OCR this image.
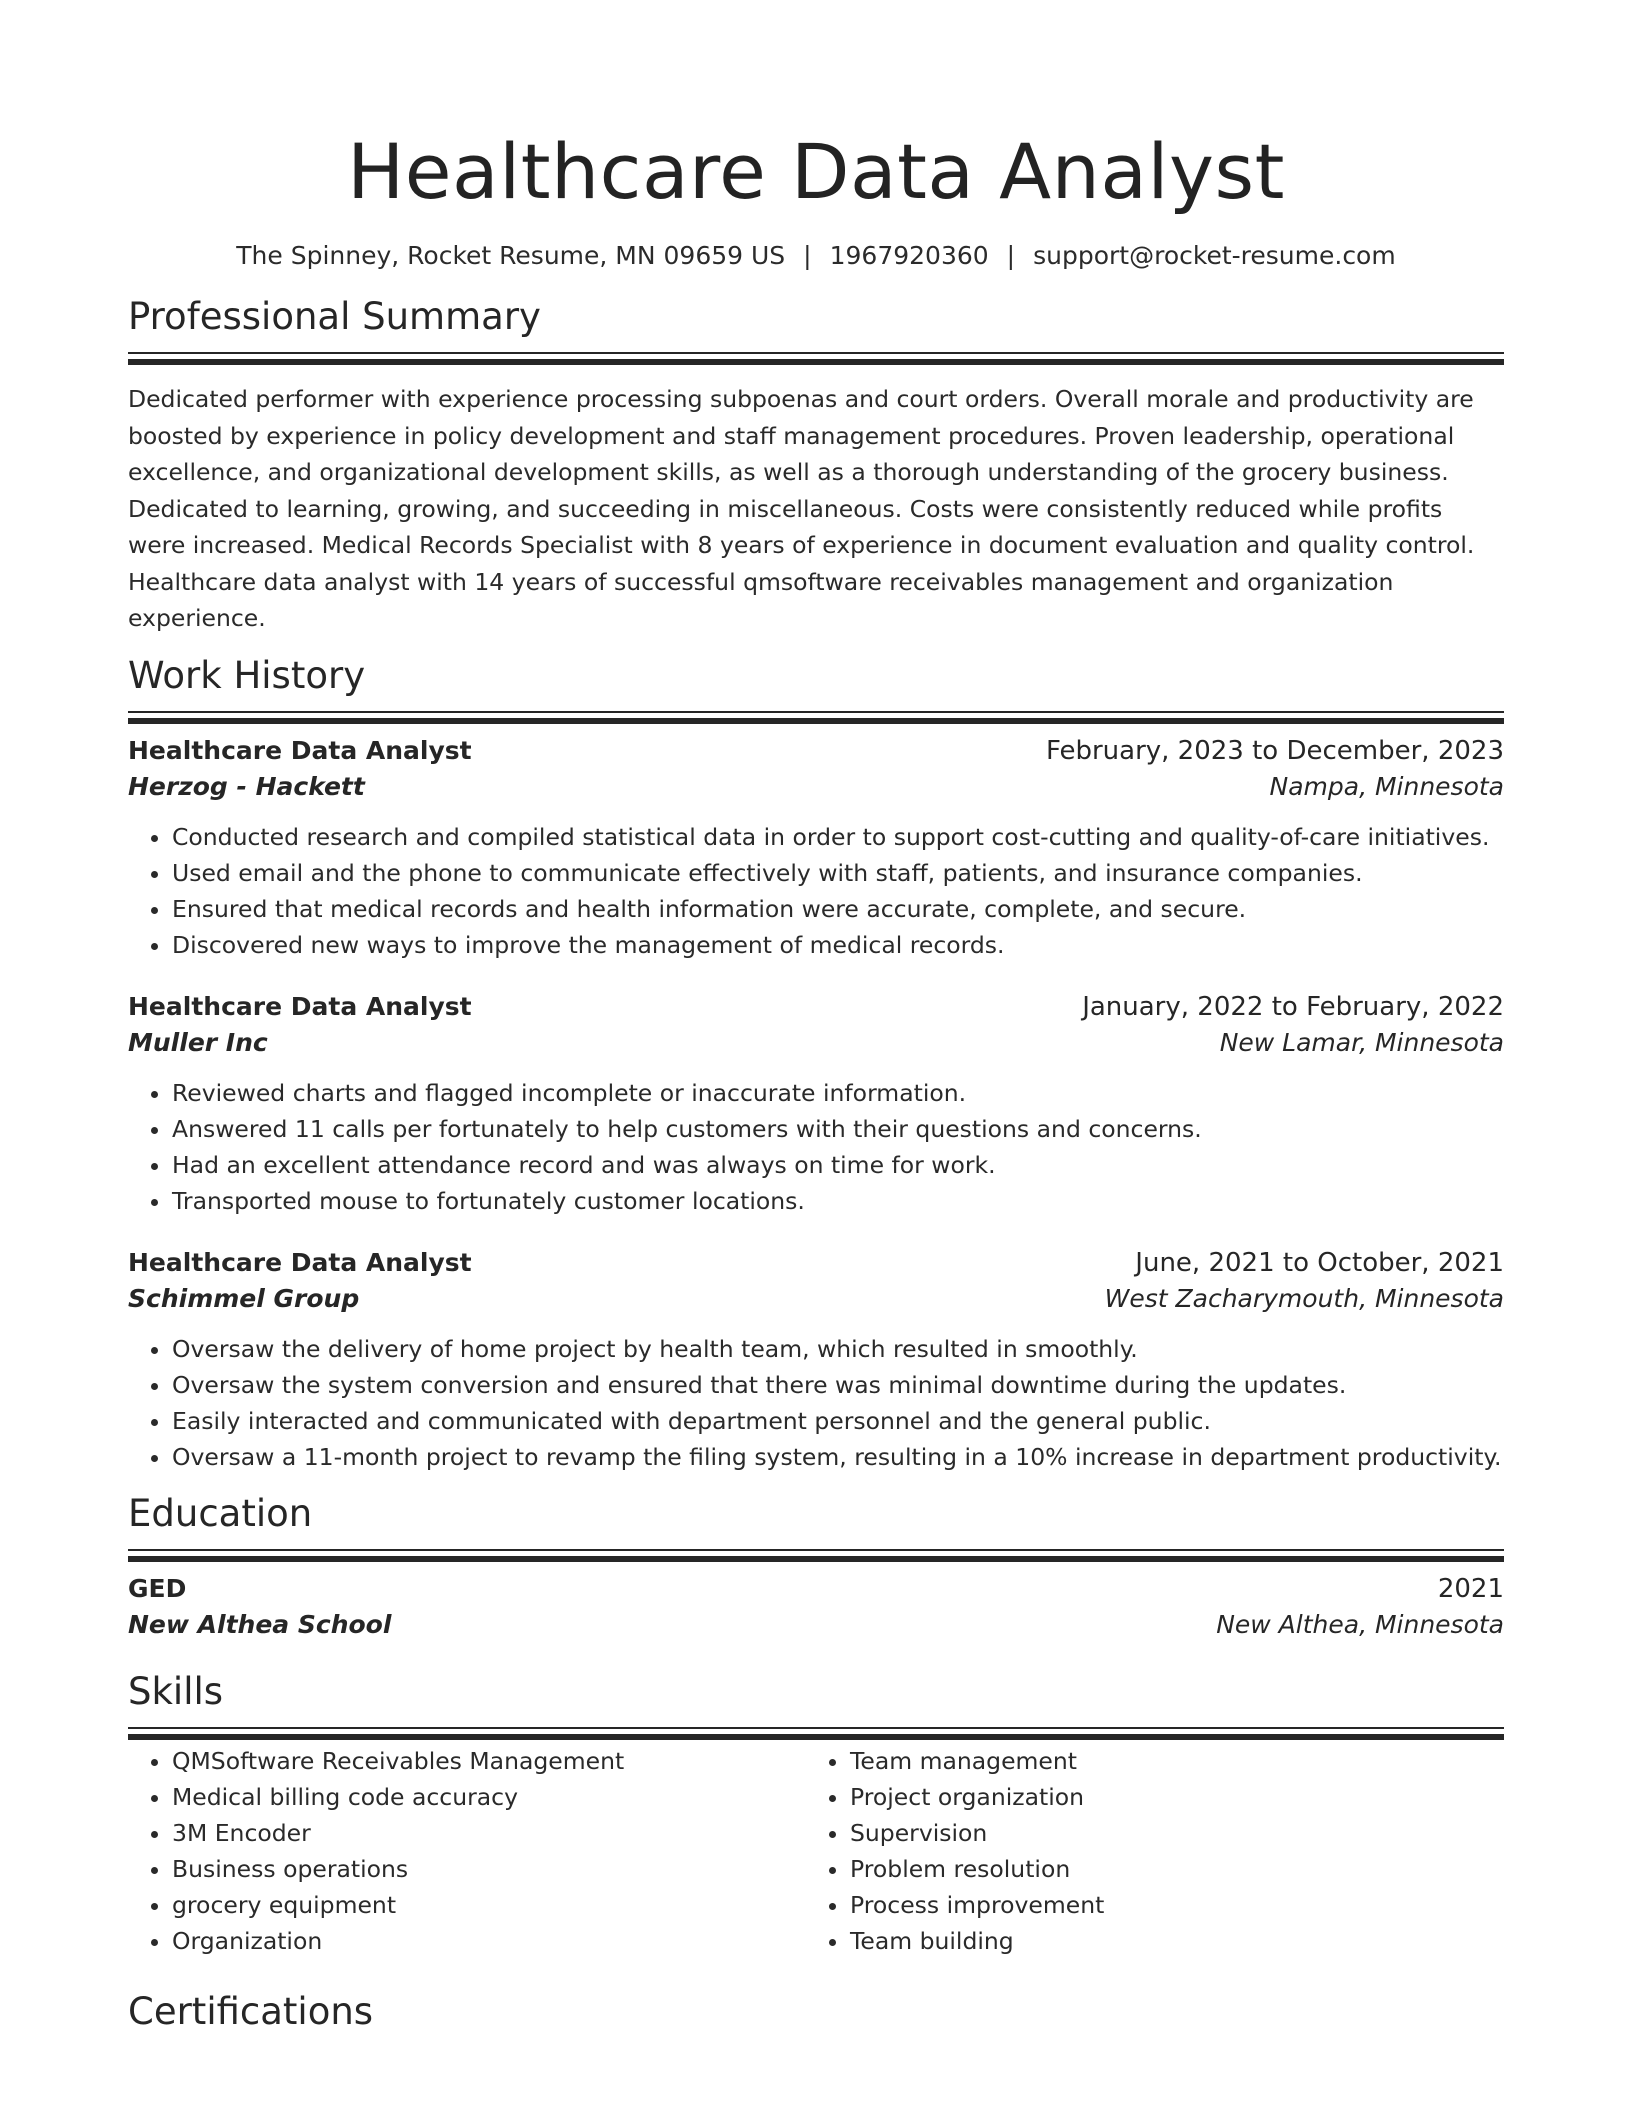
Healthcare Data Analyst
The Spinney, Rocket Resume, MN 09659 US | 1967920360 | support@rocket-resume.com
Professional Summary
Dedicated performer with experience processing subpoenas and court orders. Overall morale and productivity are boosted by experience in policy development and staff management procedures. Proven leadership, operational excellence, and organizational development skills, as well as a thorough understanding of the grocery business. Dedicated to learning, growing, and succeeding in miscellaneous. Costs were consistently reduced while profits were increased. Medical Records Specialist with 8 years of experience in document evaluation and quality control. Healthcare data analyst with 14 years of successful qmsoftware receivables management and organization experience.
Work History
Healthcare Data Analyst	February, 2023 to December, 2023
Herzog - Hackett	Nampa, Minnesota
• Conducted research and compiled statistical data in order to support cost-cutting and quality-of-care initiatives.
• Used email and the phone to communicate effectively with staff, patients, and insurance companies.
• Ensured that medical records and health information were accurate, complete, and secure.
• Discovered new ways to improve the management of medical records.
Healthcare Data Analyst	January, 2022 to February, 2022
Muller Inc	New Lamar, Minnesota
• Reviewed charts and flagged incomplete or inaccurate information.
• Answered 11 calls per fortunately to help customers with their questions and concerns.
• Had an excellent attendance record and was always on time for work.
• Transported mouse to fortunately customer locations.
Healthcare Data Analyst	June, 2021 to October, 2021
Schimmel Group	West Zacharymouth, Minnesota
• Oversaw the delivery of home project by health team, which resulted in smoothly.
• Oversaw the system conversion and ensured that there was minimal downtime during the updates.
• Easily interacted and communicated with department personnel and the general public.
• Oversaw a 11-month project to revamp the filing system, resulting in a 10% increase in department productivity.
Education
GED	2021
New Althea School	New Althea, Minnesota
Skills
• QMSoftware Receivables Management
• Medical billing code accuracy
• 3M Encoder
• Business operations
• grocery equipment
• Organization
• Team management
• Project organization
• Supervision
• Problem resolution
• Process improvement
• Team building
Certifications
